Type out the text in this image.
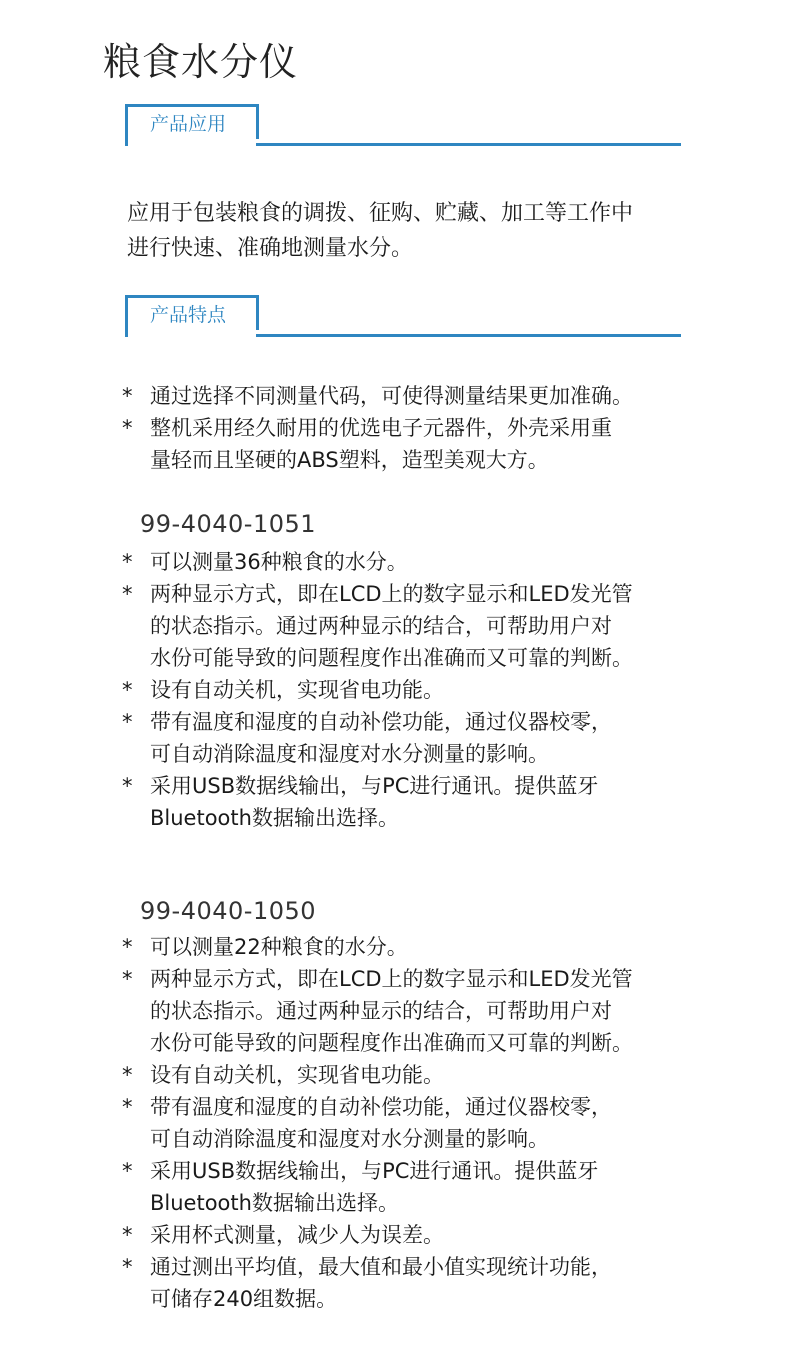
粮食水分仪
产品应用
应用于包装粮食的调拨、征购、贮藏、加工等工作中
进行快速、准确地测量水分。
产品特点
* 通过选择不同测量代码，可使得测量结果更加准确。
* 整机采用经久耐用的优选电子元器件，外壳采用重
量轻而且坚硬的ABS塑料，造型美观大方。
99-4040-1051
* 可以测量36种粮食的水分。
* 两种显示方式，即在LCD上的数字显示和LED发光管
的状态指示。通过两种显示的结合，可帮助用户对
水份可能导致的问题程度作出准确而又可靠的判断。
* 设有自动关机，实现省电功能。
* 带有温度和湿度的自动补偿功能，通过仪器校零，
可自动消除温度和湿度对水分测量的影响。
* 采用USB数据线输出，与PC进行通讯。提供蓝牙
Bluetooth数据输出选择。
99-4040-1050
* 可以测量22种粮食的水分。
* 两种显示方式，即在LCD上的数字显示和LED发光管
的状态指示。通过两种显示的结合，可帮助用户对
水份可能导致的问题程度作出准确而又可靠的判断。
* 设有自动关机，实现省电功能。
* 带有温度和湿度的自动补偿功能，通过仪器校零，
可自动消除温度和湿度对水分测量的影响。
* 采用USB数据线输出，与PC进行通讯。提供蓝牙
Bluetooth数据输出选择。
* 采用杯式测量，减少人为误差。
* 通过测出平均值，最大值和最小值实现统计功能，
可储存240组数据。
